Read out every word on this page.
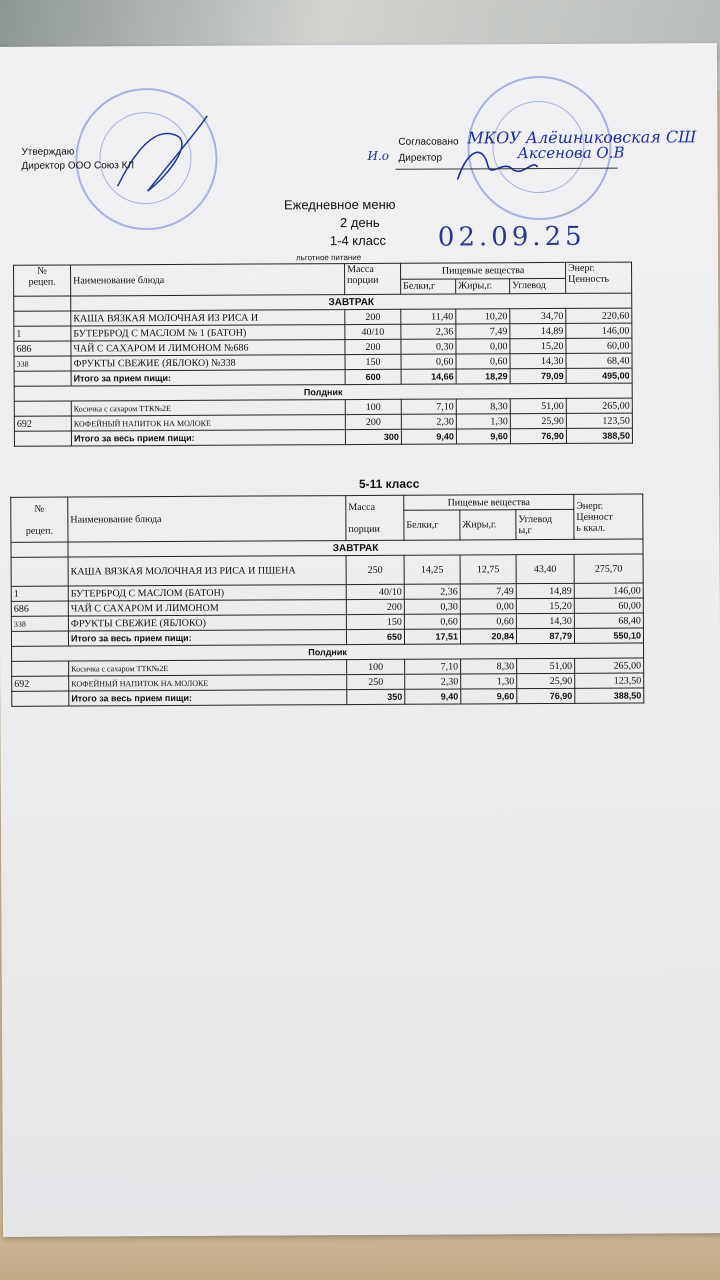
Утверждаю
Директор ООО Союз КЛ
Согласовано МКОУ Алёшниковская СШ
И.о Директор	Аксенова О.В
Ежедневное меню
2 день
1-4 класс	02.09.25
льготное питание
№
рецеп.	Наименование блюда	Масса
порции	Пищевые вещества			Энерг.
Ценность
			Белки,г	Жиры,г.	Углевод	
	ЗАВТРАК					
	КАША ВЯЗКАЯ МОЛОЧНАЯ ИЗ РИСА И	200	11,40	10,20	34,70	220,60
1	БУТЕРБРОД С МАСЛОМ № 1 (БАТОН)	40/10	2,36	7,49	14,89	146,00
686	ЧАЙ С САХАРОМ И ЛИМОНОМ №686	200	0,30	0,00	15,20	60,00
338	ФРУКТЫ СВЕЖИЕ (ЯБЛОКО) №338	150	0,60	0,60	14,30	68,40
	Итого за прием пищи:	600	14,66	18,29	79,09	495,00
Полдник						
	Косичка с сахаром ТТК№2Е	100	7,10	8,30	51,00	265,00
692	КОФЕЙНЫЙ НАПИТОК НА МОЛОКЕ	200	2,30	1,30	25,90	123,50
	Итого за весь прием пищи:	300	9,40	9,60	76,90	388,50
5-11 класс
№

рецеп.	Наименование блюда	Масса

порции	Пищевые вещества			Энерг.
Ценност
ь ккал.
			Белки,г	Жиры,г.	Углевод
ы,г	
	ЗАВТРАК					
	КАША ВЯЗКАЯ МОЛОЧНАЯ ИЗ РИСА И ПШЕНА	250	14,25	12,75	43,40	275,70
1	БУТЕРБРОД С МАСЛОМ (БАТОН)	40/10	2,36	7,49	14,89	146,00
686	ЧАЙ С САХАРОМ И ЛИМОНОМ	200	0,30	0,00	15,20	60,00
338	ФРУКТЫ СВЕЖИЕ (ЯБЛОКО)	150	0,60	0,60	14,30	68,40
	Итого за весь прием пищи:	650	17,51	20,84	87,79	550,10
Полдник						
	Косичка с сахаром ТТК№2Е	100	7,10	8,30	51,00	265,00
692	КОФЕЙНЫЙ НАПИТОК НА МОЛОКЕ	250	2,30	1,30	25,90	123,50
	Итого за весь прием пищи:	350	9,40	9,60	76,90	388,50
